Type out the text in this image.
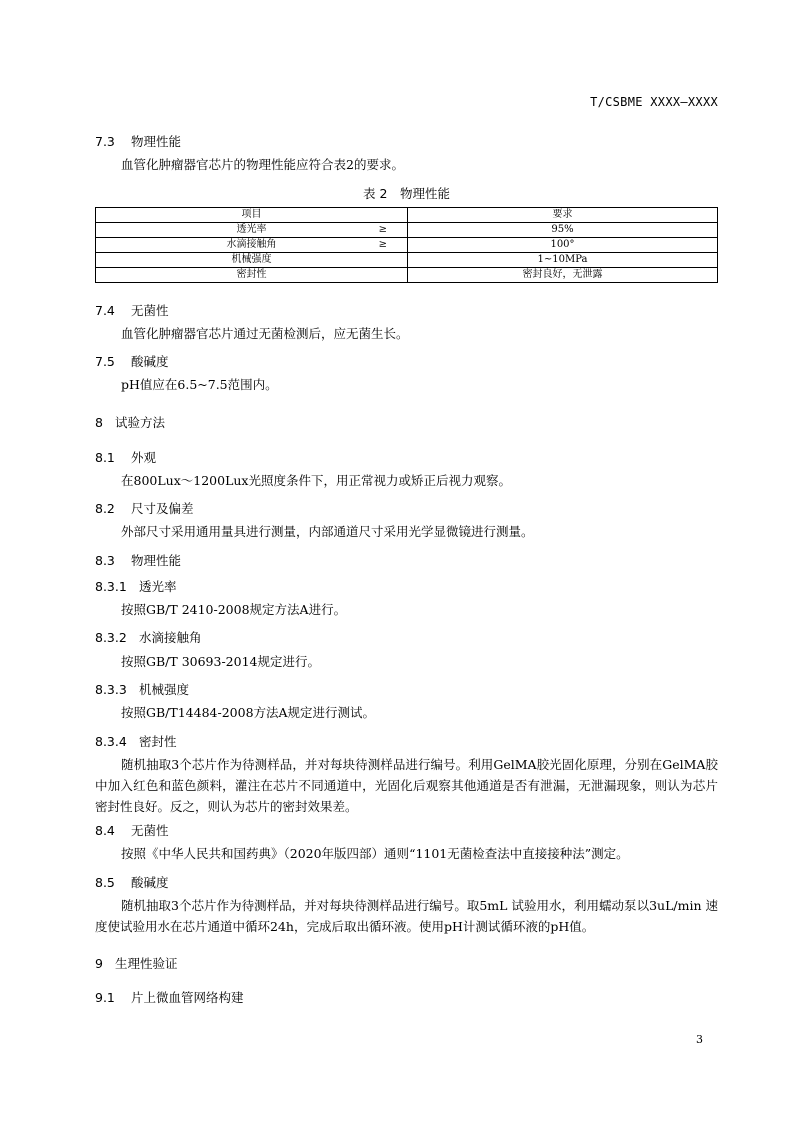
T/CSBME XXXX—XXXX
7.3 物理性能
血管化肿瘤器官芯片的物理性能应符合表2的要求。
表 2　物理性能
项目	要求
透光率 ≥	95%
水滴接触角 ≥	100°
机械强度	1~10MPa
密封性	密封良好，无泄露
7.4 无菌性
血管化肿瘤器官芯片通过无菌检测后，应无菌生长。
7.5 酸碱度
pH值应在6.5~7.5范围内。
8 试验方法
8.1 外观
在800Lux～1200Lux光照度条件下，用正常视力或矫正后视力观察。
8.2 尺寸及偏差
外部尺寸采用通用量具进行测量，内部通道尺寸采用光学显微镜进行测量。
8.3 物理性能
8.3.1 透光率
按照GB/T 2410-2008规定方法A进行。
8.3.2 水滴接触角
按照GB/T 30693-2014规定进行。
8.3.3 机械强度
按照GB/T14484-2008方法A规定进行测试。
8.3.4 密封性
随机抽取3个芯片作为待测样品，并对每块待测样品进行编号。利用GelMA胶光固化原理，分别在GelMA胶中加入红色和蓝色颜料，灌注在芯片不同通道中，光固化后观察其他通道是否有泄漏，无泄漏现象，则认为芯片密封性良好。反之，则认为芯片的密封效果差。
8.4 无菌性
按照《中华人民共和国药典》（2020年版四部）通则“1101无菌检查法中直接接种法”测定。
8.5 酸碱度
随机抽取3个芯片作为待测样品，并对每块待测样品进行编号。取5mL 试验用水，利用蠕动泵以3uL/min 速度使试验用水在芯片通道中循环24h，完成后取出循环液。使用pH计测试循环液的pH值。
9 生理性验证
9.1 片上微血管网络构建
3
